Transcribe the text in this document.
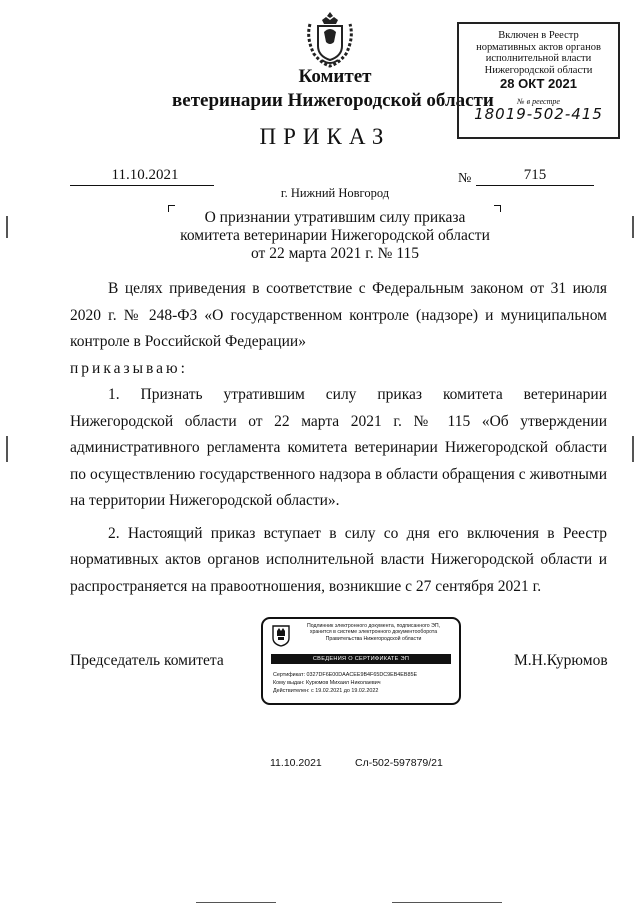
Комитет
ветеринарии Нижегородской области
ПРИКАЗ
Включен в Реестр
нормативных актов органов
исполнительной власти
Нижегородской области
28 ОКТ 2021
№ в реестре
18019-502-415
11.10.2021	№	715
г. Нижний Новгород
О признании утратившим силу приказа
комитета ветеринарии Нижегородской области
от 22 марта 2021 г. № 115

В целях приведения в соответствие с Федеральным законом от 31 июля 2020 г. № 248-ФЗ «О государственном контроле (надзоре) и муниципальном контроле в Российской Федерации»

приказываю:

1. Признать утратившим силу приказ комитета ветеринарии Нижегородской области от 22 марта 2021 г. № 115 «Об утверждении административного регламента комитета ветеринарии Нижегородской области по осуществлению государственного надзора в области обращения с животными на территории Нижегородской области».

2. Настоящий приказ вступает в силу со дня его включения в Реестр нормативных актов органов исполнительной власти Нижегородской области и распространяется на правоотношения, возникшие с 27 сентября 2021 г.

Председатель комитета	М.Н.Курюмов
Подлинник электронного документа, подписанного ЭП,
хранится в системе электронного документооборота
Правительства Нижегородской области
СВЕДЕНИЯ О СЕРТИФИКАТЕ ЭП
Сертификат: 0327DF6E00DAACEE9B4F65DC9EB4EB85E
Кому выдан: Курюмов Михаил Николаевич
Действителен: с 19.02.2021 до 19.02.2022
11.10.2021	Сл-502-597879/21
